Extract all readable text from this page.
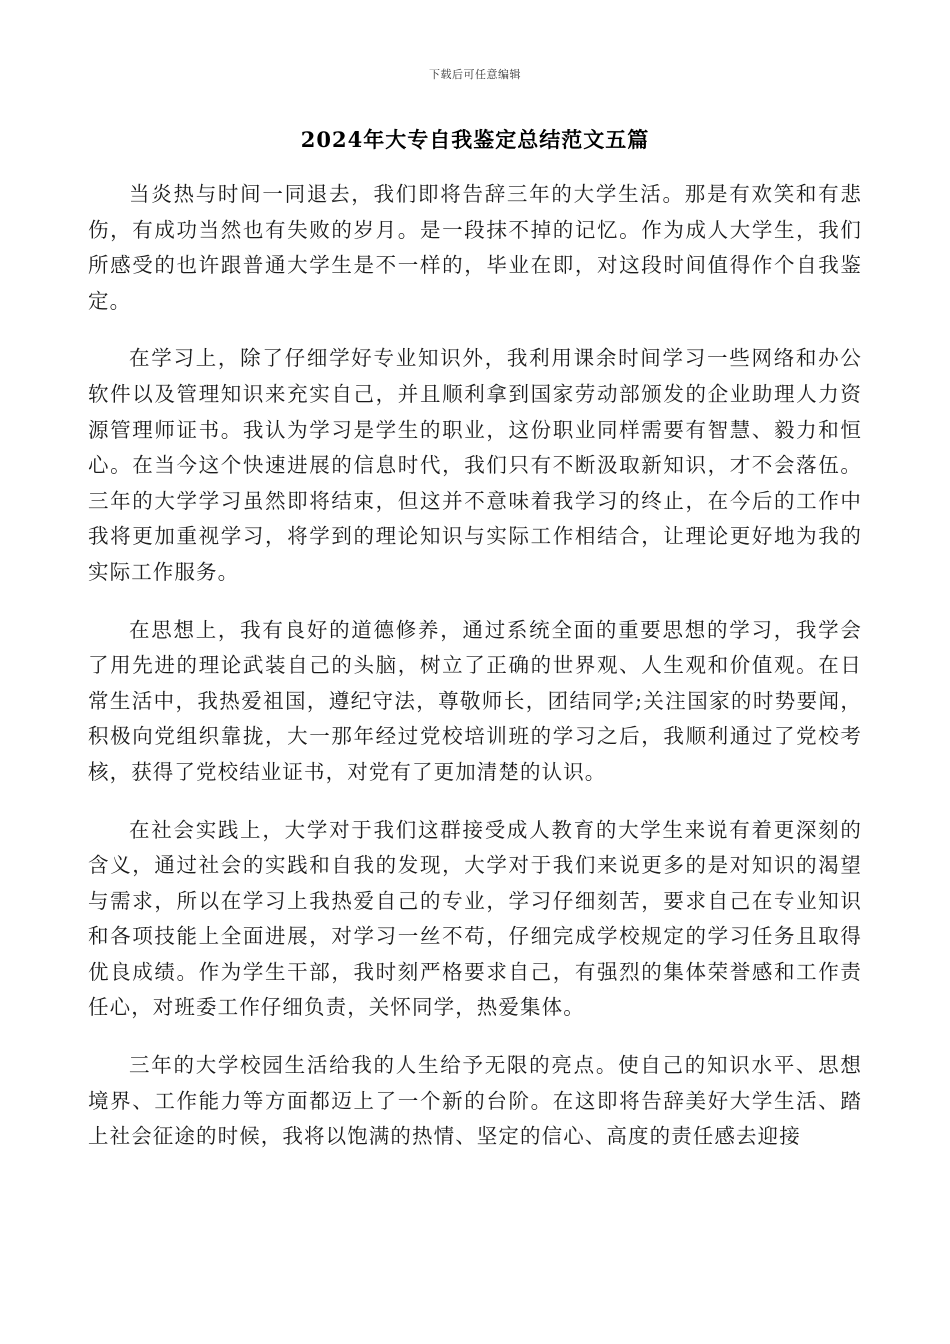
下载后可任意编辑
2024年大专自我鉴定总结范文五篇

当炎热与时间一同退去，我们即将告辞三年的大学生活。那是有欢笑和有悲伤，有成功当然也有失败的岁月。是一段抹不掉的记忆。作为成人大学生，我们所感受的也许跟普通大学生是不一样的，毕业在即，对这段时间值得作个自我鉴定。

在学习上，除了仔细学好专业知识外，我利用课余时间学习一些网络和办公软件以及管理知识来充实自己，并且顺利拿到国家劳动部颁发的企业助理人力资源管理师证书。我认为学习是学生的职业，这份职业同样需要有智慧、毅力和恒心。在当今这个快速进展的信息时代，我们只有不断汲取新知识，才不会落伍。三年的大学学习虽然即将结束，但这并不意味着我学习的终止，在今后的工作中我将更加重视学习，将学到的理论知识与实际工作相结合，让理论更好地为我的实际工作服务。

在思想上，我有良好的道德修养，通过系统全面的重要思想的学习，我学会了用先进的理论武装自己的头脑，树立了正确的世界观、人生观和价值观。在日常生活中，我热爱祖国，遵纪守法，尊敬师长，团结同学;关注国家的时势要闻，积极向党组织靠拢，大一那年经过党校培训班的学习之后，我顺利通过了党校考核，获得了党校结业证书，对党有了更加清楚的认识。

在社会实践上，大学对于我们这群接受成人教育的大学生来说有着更深刻的含义，通过社会的实践和自我的发现，大学对于我们来说更多的是对知识的渴望与需求，所以在学习上我热爱自己的专业，学习仔细刻苦，要求自己在专业知识和各项技能上全面进展，对学习一丝不苟，仔细完成学校规定的学习任务且取得优良成绩。作为学生干部，我时刻严格要求自己，有强烈的集体荣誉感和工作责任心，对班委工作仔细负责，关怀同学，热爱集体。

三年的大学校园生活给我的人生给予无限的亮点。使自己的知识水平、思想境界、工作能力等方面都迈上了一个新的台阶。在这即将告辞美好大学生活、踏上社会征途的时候，我将以饱满的热情、坚定的信心、高度的责任感去迎接
